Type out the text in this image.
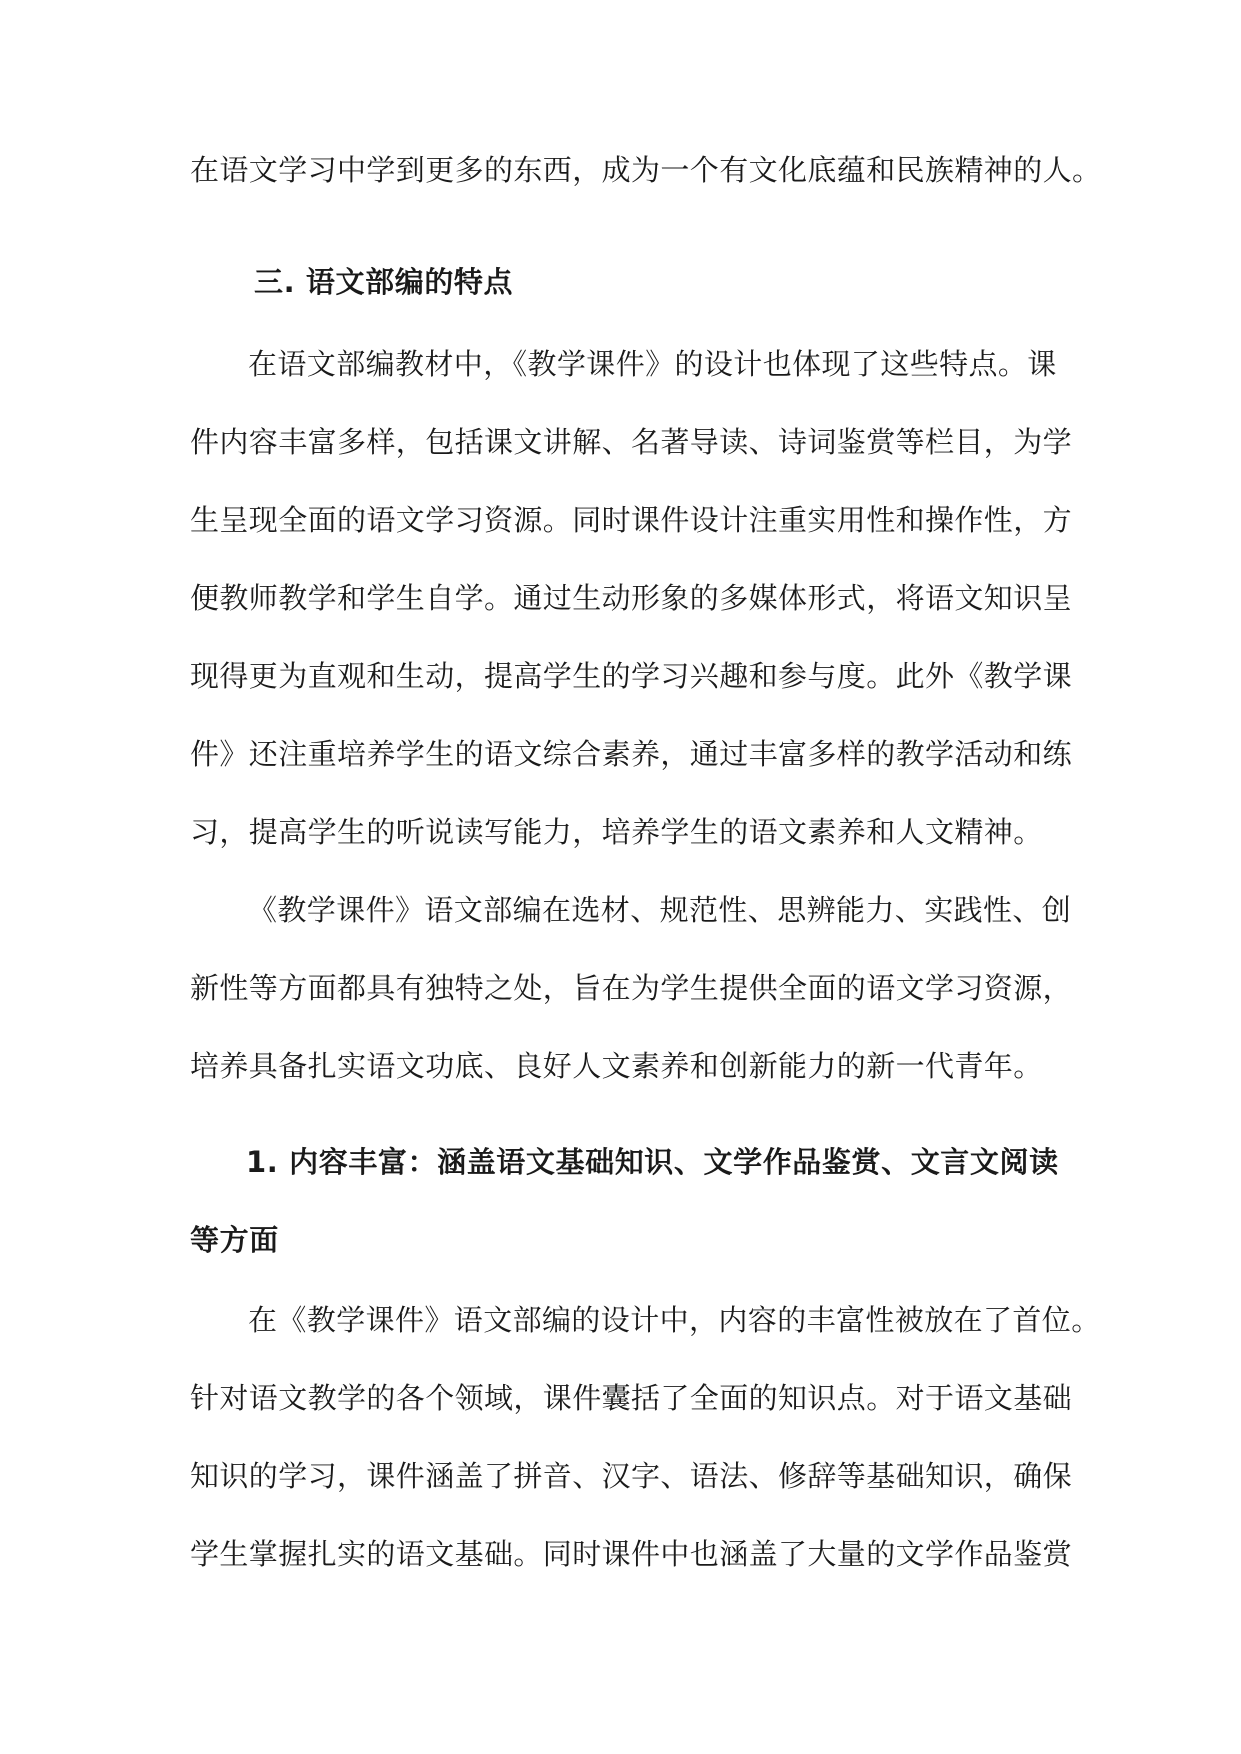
在语文学习中学到更多的东西，成为一个有文化底蕴和民族精神的人。
三. 语文部编的特点
在语文部编教材中，《教学课件》的设计也体现了这些特点。课
件内容丰富多样，包括课文讲解、名著导读、诗词鉴赏等栏目，为学
生呈现全面的语文学习资源。同时课件设计注重实用性和操作性，方
便教师教学和学生自学。通过生动形象的多媒体形式，将语文知识呈
现得更为直观和生动，提高学生的学习兴趣和参与度。此外《教学课
件》还注重培养学生的语文综合素养，通过丰富多样的教学活动和练
习，提高学生的听说读写能力，培养学生的语文素养和人文精神。
《教学课件》语文部编在选材、规范性、思辨能力、实践性、创
新性等方面都具有独特之处，旨在为学生提供全面的语文学习资源，
培养具备扎实语文功底、良好人文素养和创新能力的新一代青年。
1. 内容丰富：涵盖语文基础知识、文学作品鉴赏、文言文阅读
等方面
在《教学课件》语文部编的设计中，内容的丰富性被放在了首位。
针对语文教学的各个领域，课件囊括了全面的知识点。对于语文基础
知识的学习，课件涵盖了拼音、汉字、语法、修辞等基础知识，确保
学生掌握扎实的语文基础。同时课件中也涵盖了大量的文学作品鉴赏
